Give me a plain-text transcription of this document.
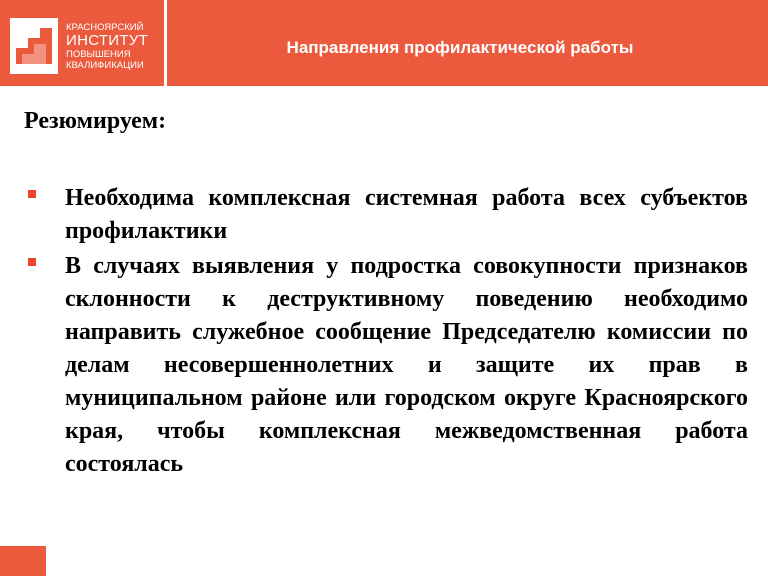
КРАСНОЯРСКИЙ
ИНСТИТУТ
ПОВЫШЕНИЯ
КВАЛИФИКАЦИИ
Направления профилактической работы
Резюмируем:
Необходима комплексная системная работа всех субъектов профилактики
В случаях выявления у подростка совокупности признаков склонности к деструктивному поведению необходимо направить служебное сообщение Председателю комиссии по делам несовершеннолетних и защите их прав в муниципальном районе или городском округе Красноярского края, чтобы комплексная межведомственная работа состоялась
